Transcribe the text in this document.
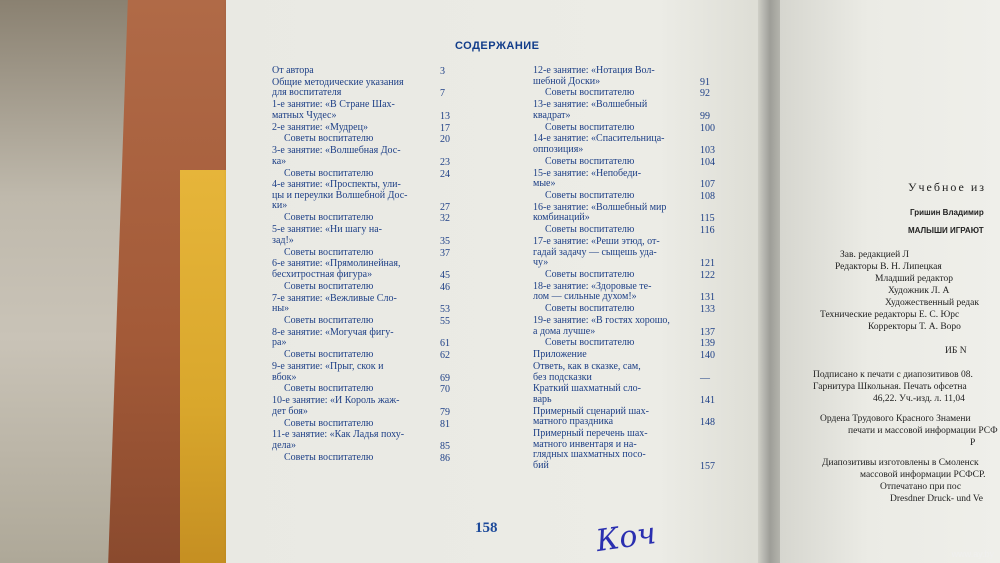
СОДЕРЖАНИЕ
От автора	3
Общие методические указания
для воспитателя	7
1-е занятие: «В Стране Шах-
матных Чудес»	13
2-е занятие: «Мудрец»	17
Советы воспитателю	20
3-е занятие: «Волшебная Дос-
ка»	23
Советы воспитателю	24
4-е занятие: «Проспекты, ули-
цы и переулки Волшебной Дос-
ки»	27
Советы воспитателю	32
5-е занятие: «Ни шагу на-
зад!»	35
Советы воспитателю	37
6-е занятие: «Прямолинейная,
бесхитростная фигура»	45
Советы воспитателю	46
7-е занятие: «Вежливые Сло-
ны»	53
Советы воспитателю	55
8-е занятие: «Могучая фигу-
ра»	61
Советы воспитателю	62
9-е занятие: «Прыг, скок и
вбок»	69
Советы воспитателю	70
10-е занятие: «И Король жаж-
дет боя»	79
Советы воспитателю	81
11-е занятие: «Как Ладья поху-
дела»	85
Советы воспитателю	86
12-е занятие: «Нотация Вол-
шебной Доски»	91
Советы воспитателю	92
13-е занятие: «Волшебный
квадрат»	99
Советы воспитателю	100
14-е занятие: «Спасительница-
оппозиция»	103
Советы воспитателю	104
15-е занятие: «Непобеди-
мые»	107
Советы воспитателю	108
16-е занятие: «Волшебный мир
комбинаций»	115
Советы воспитателю	116
17-е занятие: «Реши этюд, от-
гадай задачу — сыщешь уда-
чу»	121
Советы воспитателю	122
18-е занятие: «Здоровые те-
лом — сильные духом!»	131
Советы воспитателю	133
19-е занятие: «В гостях хорошо,
а дома лучше»	137
Советы воспитателю	139
Приложение	140
Ответь, как в сказке, сам,
без подсказки	—
Краткий шахматный сло-
варь	141
Примерный сценарий шах-
матного праздника	148
Примерный перечень шах-
матного инвентаря и на-
глядных шахматных посо-
бий	157
158	Коч
Учебное из
Гришин Владимир
МАЛЫШИ ИГРАЮТ
Зав. редакцией Л
Редакторы В. Н. Липецкая
Младший редактор
Художник Л. А
Художественный редак
Технические редакторы Е. С. Юрс
Корректоры Т. А. Воро
ИБ N
Подписано к печати с диапозитивов 08.
Гарнитура Школьная. Печать офсетна
46,22. Уч.-изд. л. 11,04
Ордена Трудового Красного Знамени
печати и массовой информации РСФ
Р
Диапозитивы изготовлены в Смоленск
массовой информации РСФСР.
Отпечатано при пос
Dresdner Druck- und Ve
www.ay.by
